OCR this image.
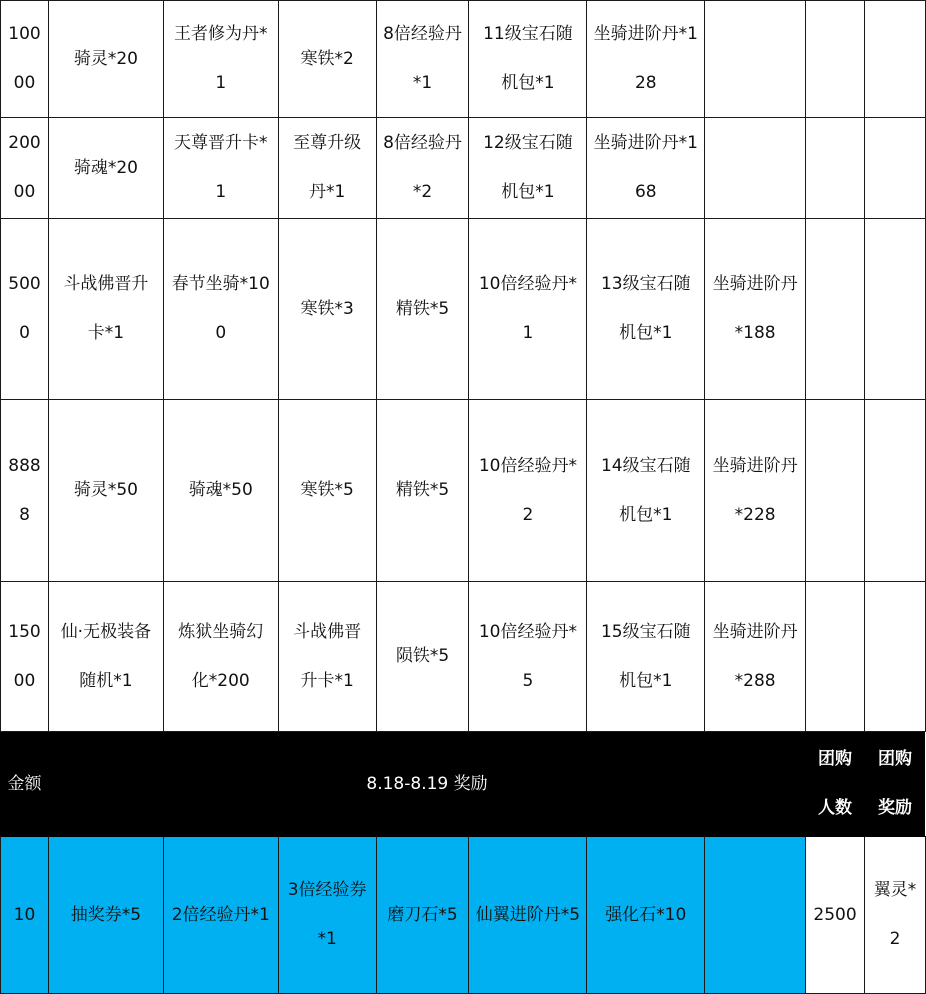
10000	骑灵*20	王者修为丹*1	寒铁*2	8倍经验丹*1	11级宝石随机包*1	坐骑进阶丹*128			
20000	骑魂*20	天尊晋升卡*1	至尊升级丹*1	8倍经验丹*2	12级宝石随机包*1	坐骑进阶丹*168			
5000	斗战佛晋升卡*1	春节坐骑*100	寒铁*3	精铁*5	10倍经验丹*1	13级宝石随机包*1	坐骑进阶丹*188		
8888	骑灵*50	骑魂*50	寒铁*5	精铁*5	10倍经验丹*2	14级宝石随机包*1	坐骑进阶丹*228		
15000	仙·无极装备随机*1	炼狱坐骑幻化*200	斗战佛晋升卡*1	陨铁*5	10倍经验丹*5	15级宝石随机包*1	坐骑进阶丹*288		
金额	8.18-8.19 奖励							团购人数	团购奖励
10	抽奖券*5	2倍经验丹*1	3倍经验券*1	磨刀石*5	仙翼进阶丹*5	强化石*10		2500	翼灵*2
